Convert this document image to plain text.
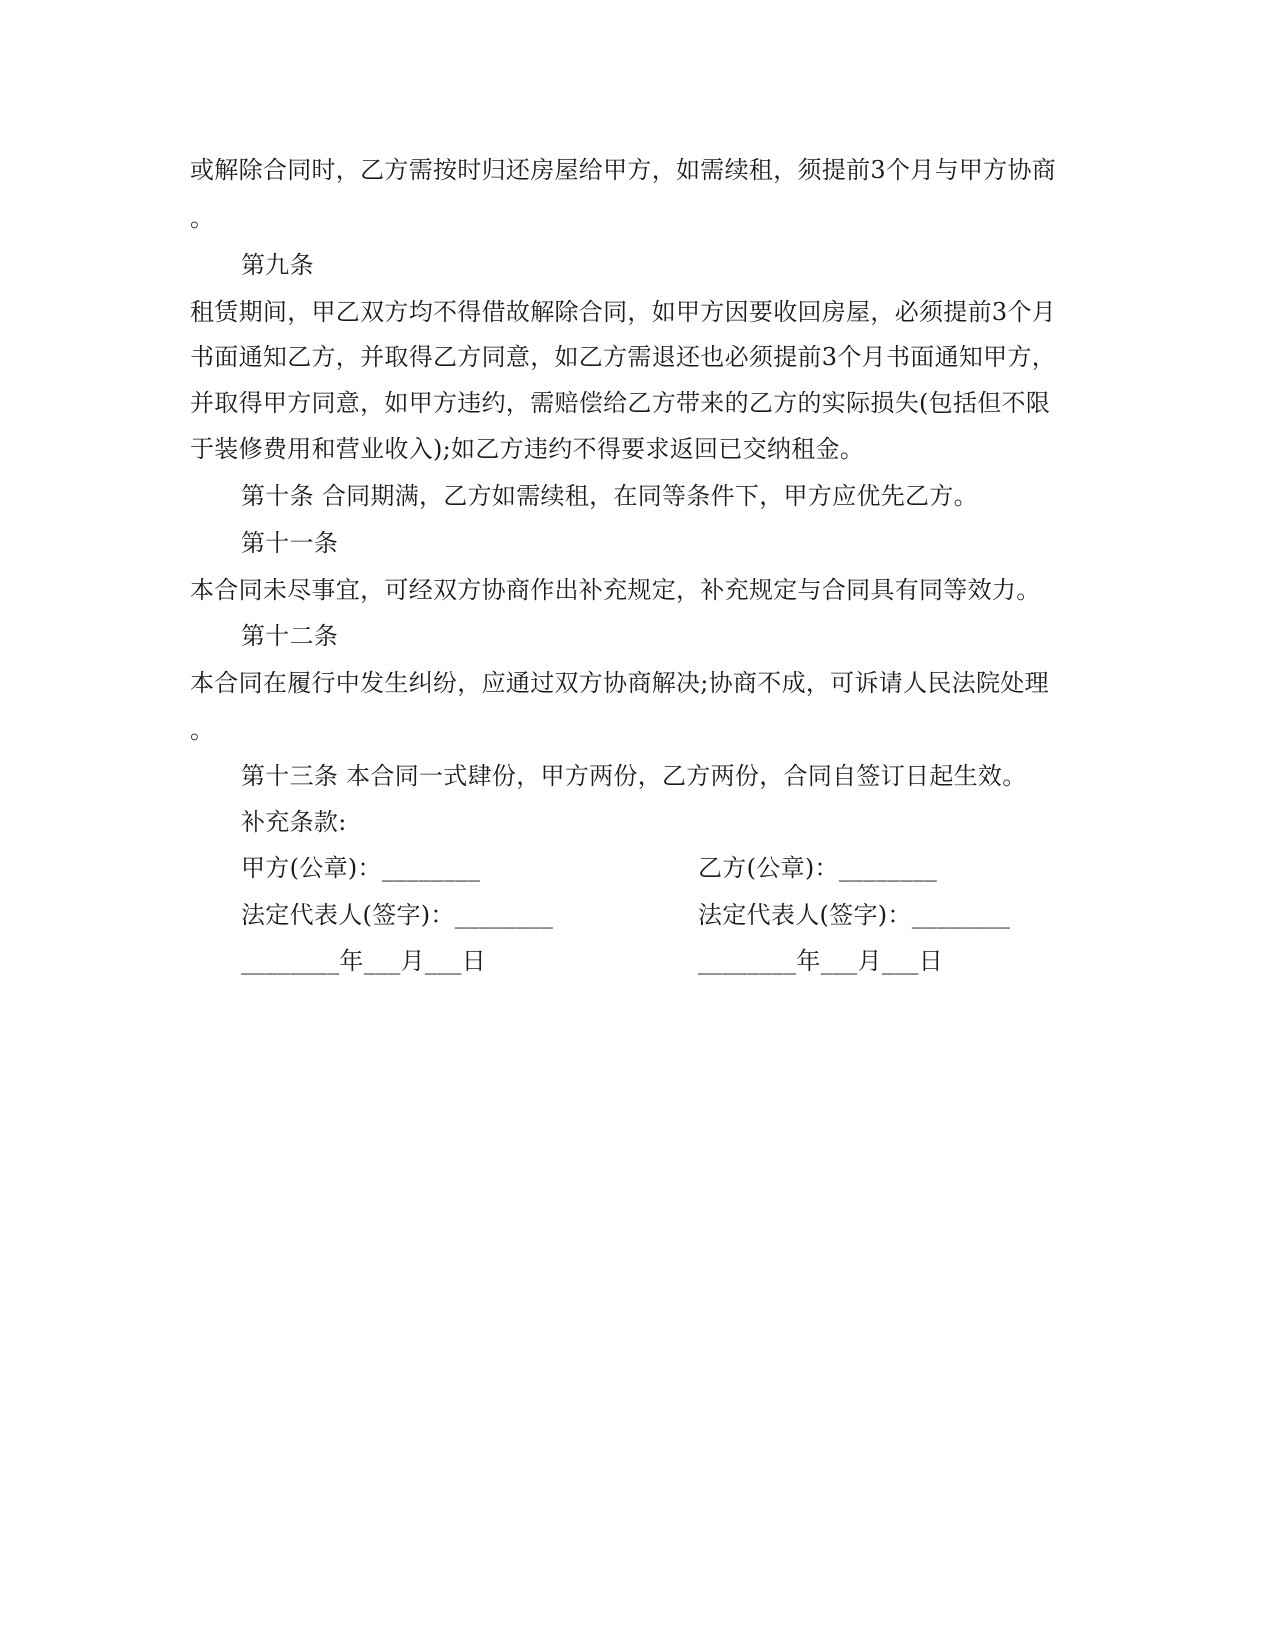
或解除合同时，乙方需按时归还房屋给甲方，如需续租，须提前3个月与甲方协商
。
第九条
租赁期间，甲乙双方均不得借故解除合同，如甲方因要收回房屋，必须提前3个月
书面通知乙方，并取得乙方同意，如乙方需退还也必须提前3个月书面通知甲方，
并取得甲方同意，如甲方违约，需赔偿给乙方带来的乙方的实际损失(包括但不限
于装修费用和营业收入);如乙方违约不得要求返回已交纳租金。
第十条 合同期满，乙方如需续租，在同等条件下，甲方应优先乙方。
第十一条
本合同未尽事宜，可经双方协商作出补充规定，补充规定与合同具有同等效力。
第十二条
本合同在履行中发生纠纷，应通过双方协商解决;协商不成，可诉请人民法院处理
。
第十三条 本合同一式肆份，甲方两份，乙方两份，合同自签订日起生效。
补充条款:
甲方(公章)：________	乙方(公章)：________
法定代表人(签字)：________	法定代表人(签字)：________
________年___月___日	________年___月___日
